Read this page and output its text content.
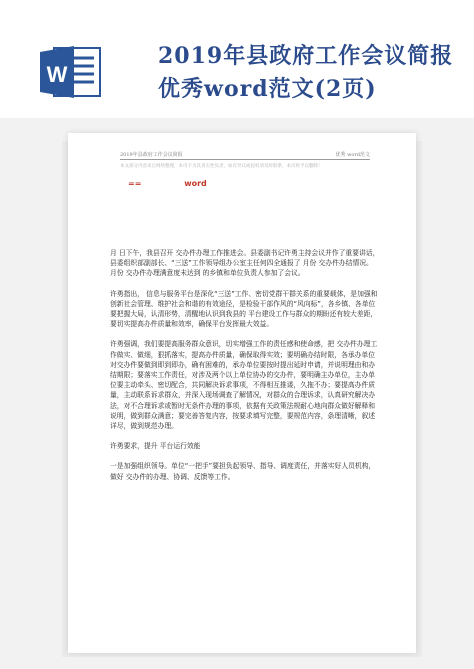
W
2019年县政府工作会议简报优秀word范文(2页)
2019年县政府工作会议简报	优秀 word范文
本文部分内容来自网络整理，本司不为其真实性负责，如有异议或侵权请及时联系，本司将予以删除！
==	word

月 日下午，我县召开 交办件办理工作推进会。县委副书记许勇主持会议并作了重要讲话，县委组织部副部长、“三送”工作领导组办公室主任何四全通报了 月份 交办件办结情况。 月份 交办件办理满意度未达到 的乡镇和单位负责人参加了会议。

许勇指出， 信息与服务平台是深化“三送”工作、密切党群干群关系的重要载体，是加强和创新社会管理、维护社会和谐的有效途径，是检验干部作风的“风向标”，各乡镇、各单位要把握大局，认清形势，清醒地认识到我县的 平台建设工作与群众的期盼还有较大差距，要切实提高办件质量和效率，确保平台发挥最大效益。

许勇强调，我们要提高服务群众意识，切实增强工作的责任感和使命感，把 交办件办理工作做实、做细，狠抓落实，提高办件质量，确保取得实效；要明确办结时限，各承办单位对交办件要做到即到即办，确有困难的，承办单位要按时提出延时申请，并说明理由和办结期限；要落实工作责任，对涉及两个以上单位协办的交办件，要明确主办单位，主办单位要主动牵头、密切配合，共同解决诉求事项，不得相互推诿，久拖不办；要提高办件质量，主动联系诉求群众，并深入现场调查了解情况，对群众的合理诉求，认真研究解决办法，对不合理诉求或暂时无条件办理的事项，依据有关政策法规耐心地向群众做好解释和说明，做到群众满意；要完善答复内容，按要求填写完整，要规范内容，条理清晰，叙述详尽，做到规范办理。

许勇要求，提升 平台运行效能

一是加强组织领导。单位“一把手”要担负起领导、指导、调度责任，并落实好人员机构，做好 交办件的办理、协调、反馈等工作。
